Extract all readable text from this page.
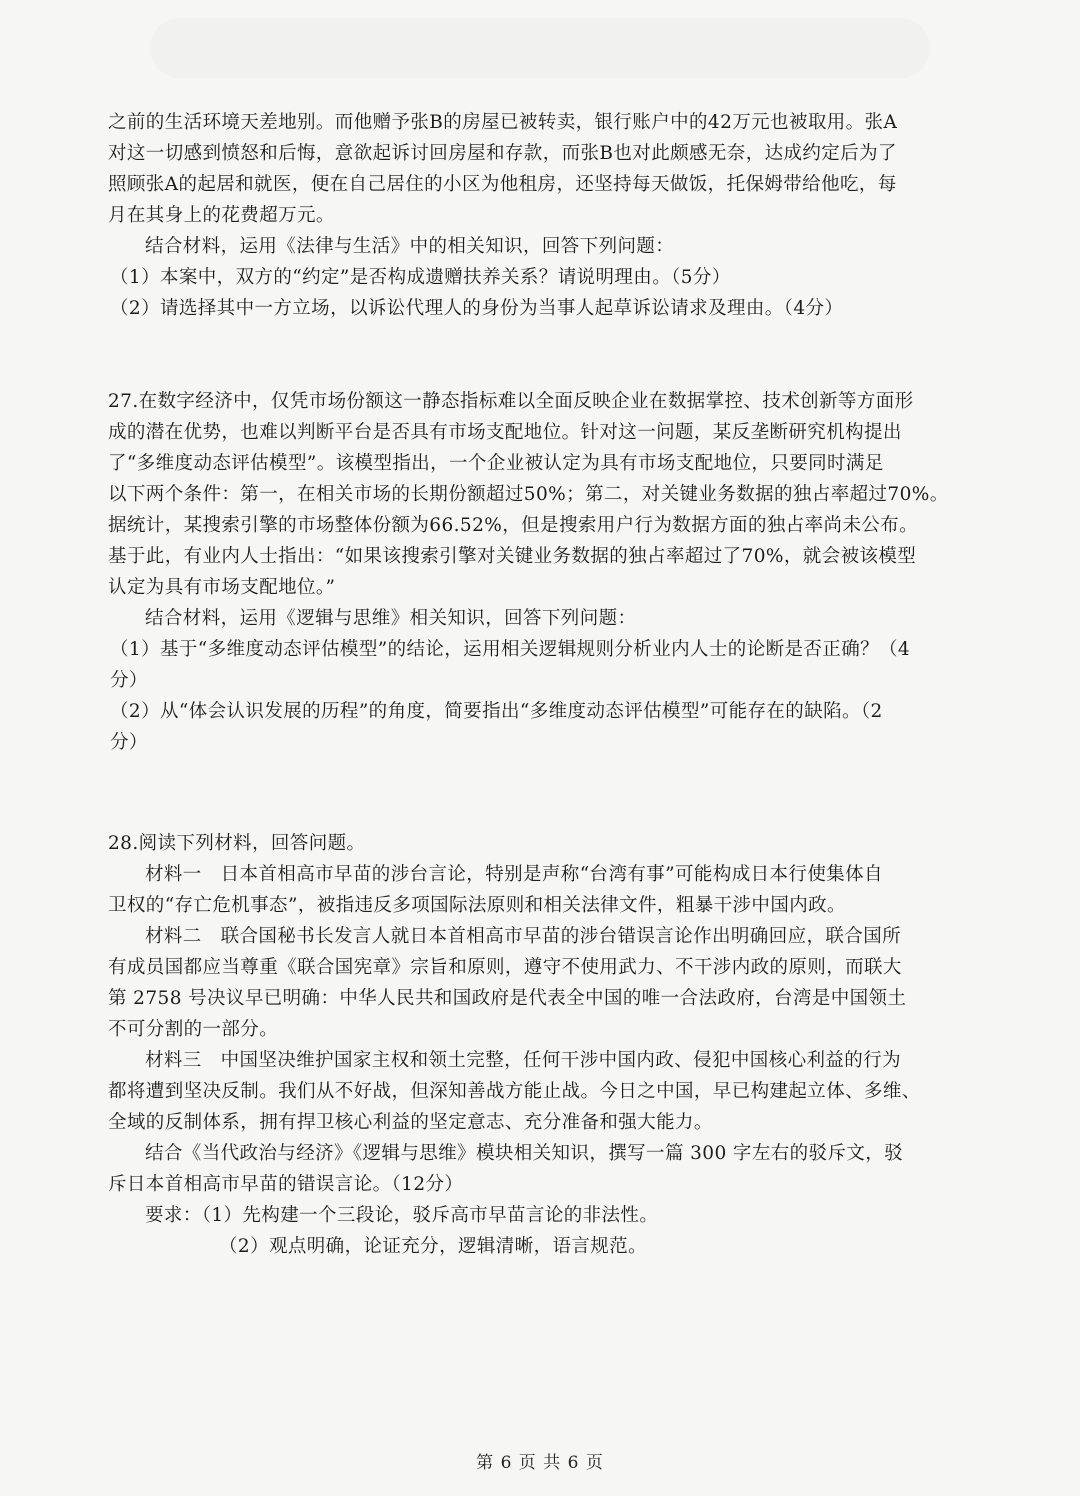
之前的生活环境天差地别。而他赠予张B的房屋已被转卖，银行账户中的42万元也被取用。张A

对这一切感到愤怒和后悔，意欲起诉讨回房屋和存款，而张B也对此颇感无奈，达成约定后为了

照顾张A的起居和就医，便在自己居住的小区为他租房，还坚持每天做饭，托保姆带给他吃，每

月在其身上的花费超万元。

结合材料，运用《法律与生活》中的相关知识，回答下列问题：

（1）本案中，双方的“约定”是否构成遗赠扶养关系？请说明理由。（5分）

（2）请选择其中一方立场，以诉讼代理人的身份为当事人起草诉讼请求及理由。（4分）

27.在数字经济中，仅凭市场份额这一静态指标难以全面反映企业在数据掌控、技术创新等方面形

成的潜在优势，也难以判断平台是否具有市场支配地位。针对这一问题，某反垄断研究机构提出

了“多维度动态评估模型”。该模型指出，一个企业被认定为具有市场支配地位，只要同时满足

以下两个条件：第一，在相关市场的长期份额超过50%；第二，对关键业务数据的独占率超过70%。

据统计，某搜索引擎的市场整体份额为66.52%，但是搜索用户行为数据方面的独占率尚未公布。

基于此，有业内人士指出：“如果该搜索引擎对关键业务数据的独占率超过了70%，就会被该模型

认定为具有市场支配地位。”

结合材料，运用《逻辑与思维》相关知识，回答下列问题：

（1）基于“多维度动态评估模型”的结论，运用相关逻辑规则分析业内人士的论断是否正确？（4

分）

（2）从“体会认识发展的历程”的角度，简要指出“多维度动态评估模型”可能存在的缺陷。（2

分）

28.阅读下列材料，回答问题。

材料一　日本首相高市早苗的涉台言论，特别是声称“台湾有事”可能构成日本行使集体自

卫权的“存亡危机事态”，被指违反多项国际法原则和相关法律文件，粗暴干涉中国内政。

材料二　联合国秘书长发言人就日本首相高市早苗的涉台错误言论作出明确回应，联合国所

有成员国都应当尊重《联合国宪章》宗旨和原则，遵守不使用武力、不干涉内政的原则，而联大

第 2758 号决议早已明确：中华人民共和国政府是代表全中国的唯一合法政府，台湾是中国领土

不可分割的一部分。

材料三　中国坚决维护国家主权和领土完整，任何干涉中国内政、侵犯中国核心利益的行为

都将遭到坚决反制。我们从不好战，但深知善战方能止战。今日之中国，早已构建起立体、多维、

全域的反制体系，拥有捍卫核心利益的坚定意志、充分准备和强大能力。

结合《当代政治与经济》《逻辑与思维》模块相关知识，撰写一篇 300 字左右的驳斥文，驳

斥日本首相高市早苗的错误言论。（12分）

要求：（1）先构建一个三段论，驳斥高市早苗言论的非法性。

（2）观点明确，论证充分，逻辑清晰，语言规范。

第 6 页 共 6 页
